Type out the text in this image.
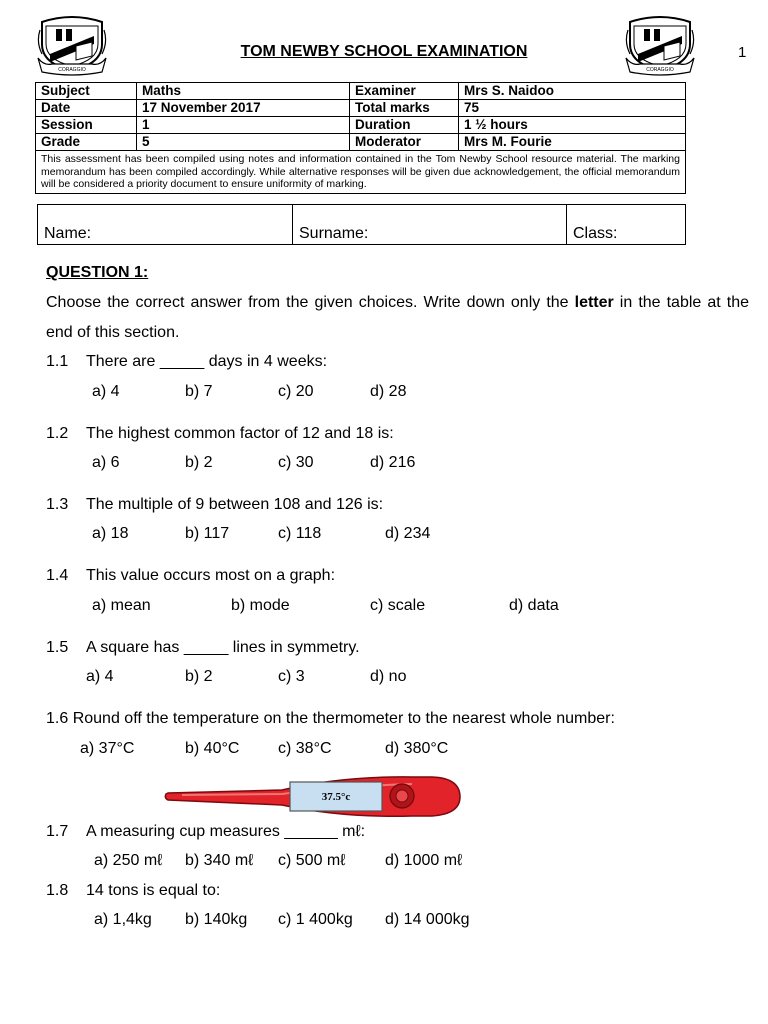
CORAGGIO	CORAGGIO
TOM NEWBY SCHOOL EXAMINATION	1
Subject	Maths	Examiner	Mrs S. Naidoo
Date	17 November 2017	Total marks	75
Session	1	Duration	1 ½ hours
Grade	5	Moderator	Mrs M. Fourie
This assessment has been compiled using notes and information contained in the Tom Newby School resource material. The marking memorandum has been compiled accordingly. While alternative responses will be given due acknowledgement, the official memorandum will be considered a priority document to ensure uniformity of marking.			
Name:	Surname:	Class:
QUESTION 1:
Choose the correct answer from the given choices. Write down only the letter in the table at the end of this section.
1.1 There are _____ days in 4 weeks:
a) 4	b) 7	c) 20	d) 28
1.2 The highest common factor of 12 and 18 is:
a) 6	b) 2	c) 30	d) 216
1.3 The multiple of 9 between 108 and 126 is:
a) 18	b) 117	c) 118	d) 234
1.4 This value occurs most on a graph:
a) mean	b) mode	c) scale	d) data
1.5 A square has _____ lines in symmetry.
a) 4	b) 2	c) 3	d) no
1.6 Round off the temperature on the thermometer to the nearest whole number:
a) 37°C	b) 40°C c) 38°C	d) 380°C
37.5°c
1.7 A measuring cup measures ______ mℓ:
a) 250 mℓ b) 340 mℓ c) 500 mℓ d) 1000 mℓ
1.8 14 tons is equal to:
a) 1,4kg b) 140kg c) 1 400kg d) 14 000kg
